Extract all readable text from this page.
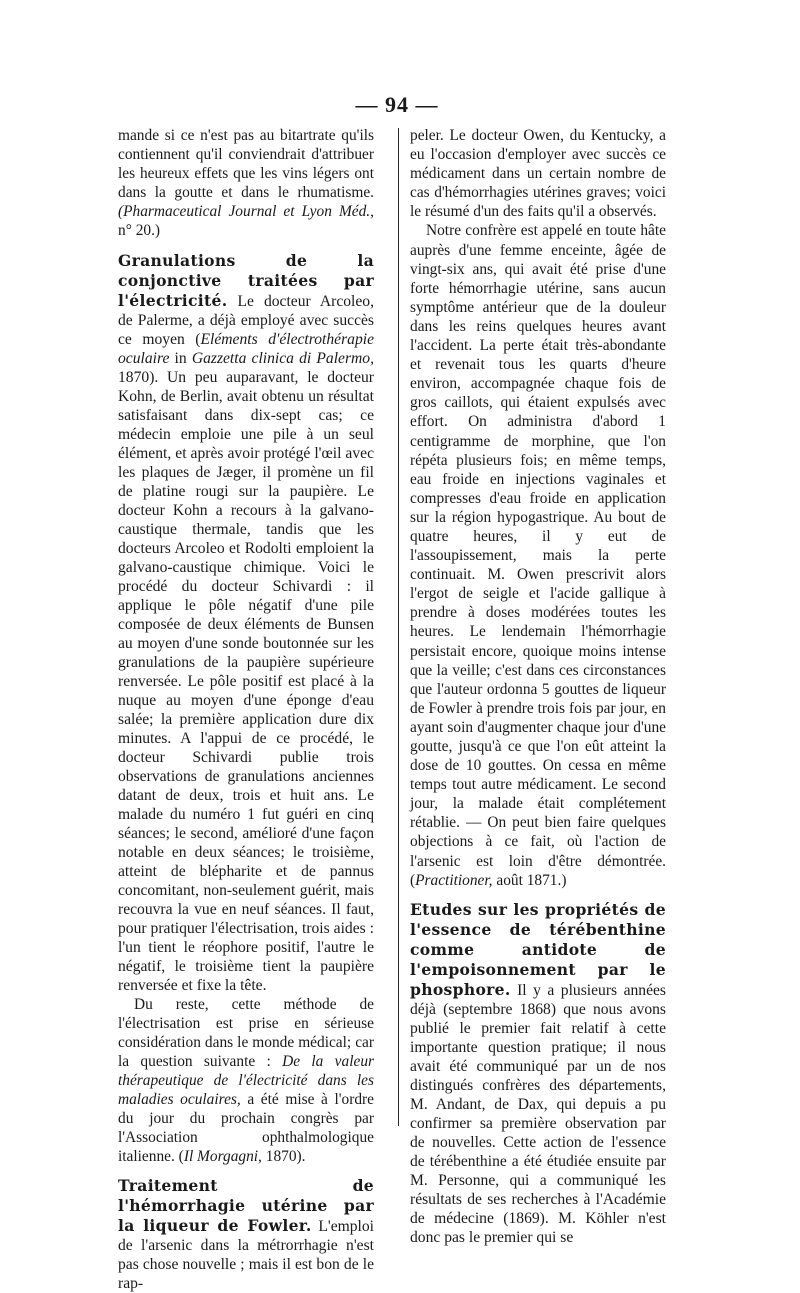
— 94 —

mande si ce n'est pas au bitartrate qu'ils contiennent qu'il conviendrait d'attribuer les heureux effets que les vins légers ont dans la goutte et dans le rhumatisme.(Pharmaceutical Journal et Lyon Méd., n° 20.)

Granulations de la conjonctive traitées par l'électricité. Le docteur Arcoleo, de Palerme, a déjà employé avec succès ce moyen (Eléments d'électrothérapie oculaire in Gazzetta clinica di Palermo, 1870). Un peu auparavant, le docteur Kohn, de Berlin, avait obtenu un résultat satisfaisant dans dix-sept cas; ce médecin emploie une pile à un seul élément, et après avoir protégé l'œil avec les plaques de Jæger, il promène un fil de platine rougi sur la paupière. Le docteur Kohn a recours à la galvano-caustique thermale, tandis que les docteurs Arcoleo et Rodolti emploient la galvano-caustique chimique. Voici le procédé du docteur Schivardi : il applique le pôle négatif d'une pile composée de deux éléments de Bunsen au moyen d'une sonde boutonnée sur les granulations de la paupière supérieure renversée. Le pôle positif est placé à la nuque au moyen d'une éponge d'eau salée; la première application dure dix minutes. A l'appui de ce procédé, le docteur Schivardi publie trois observations de granulations anciennes datant de deux, trois et huit ans. Le malade du numéro 1 fut guéri en cinq séances; le second, amélioré d'une façon notable en deux séances; le troisième, atteint de blépharite et de pannus concomitant, non-seulement guérit, mais recouvra la vue en neuf séances. Il faut, pour pratiquer l'électrisation, trois aides : l'un tient le réophore positif, l'autre le négatif, le troisième tient la paupière renversée et fixe la tête.

Du reste, cette méthode de l'électrisation est prise en sérieuse considération dans le monde médical; car la question suivante : De la valeur thérapeutique de l'électricité dans les maladies oculaires, a été mise à l'ordre du jour du prochain congrès par l'Association ophthalmologique italienne. (Il Morgagni, 1870).

Traitement de l'hémorrhagie utérine par la liqueur de Fowler. L'emploi de l'arsenic dans la métrorrhagie n'est pas chose nouvelle ; mais il est bon de le rap-

peler. Le docteur Owen, du Kentucky, a eu l'occasion d'employer avec succès ce médicament dans un certain nombre de cas d'hémorrhagies utérines graves; voici le résumé d'un des faits qu'il a observés.

Notre confrère est appelé en toute hâte auprès d'une femme enceinte, âgée de vingt-six ans, qui avait été prise d'une forte hémorrhagie utérine, sans aucun symptôme antérieur que de la douleur dans les reins quelques heures avant l'accident. La perte était très-abondante et revenait tous les quarts d'heure environ, accompagnée chaque fois de gros caillots, qui étaient expulsés avec effort. On administra d'abord 1 centigramme de morphine, que l'on répéta plusieurs fois; en même temps, eau froide en injections vaginales et compresses d'eau froide en application sur la région hypogastrique. Au bout de quatre heures, il y eut de l'assoupissement, mais la perte continuait. M. Owen prescrivit alors l'ergot de seigle et l'acide gallique à prendre à doses modérées toutes les heures. Le lendemain l'hémorrhagie persistait encore, quoique moins intense que la veille; c'est dans ces circonstances que l'auteur ordonna 5 gouttes de liqueur de Fowler à prendre trois fois par jour, en ayant soin d'augmenter chaque jour d'une goutte, jusqu'à ce que l'on eût atteint la dose de 10 gouttes. On cessa en même temps tout autre médicament. Le second jour, la malade était complétement rétablie. — On peut bien faire quelques objections à ce fait, où l'action de l'arsenic est loin d'être démontrée. (Practitioner, août 1871.)

Etudes sur les propriétés de l'essence de térébenthine comme antidote de l'empoisonnement par le phosphore. Il y a plusieurs années déjà (septembre 1868) que nous avons publié le premier fait relatif à cette importante question pratique; il nous avait été communiqué par un de nos distingués confrères des départements, M. Andant, de Dax, qui depuis a pu confirmer sa première observation par de nouvelles. Cette action de l'essence de térébenthine a été étudiée ensuite par M. Personne, qui a communiqué les résultats de ses recherches à l'Académie de médecine (1869). M. Köhler n'est donc pas le premier qui se
